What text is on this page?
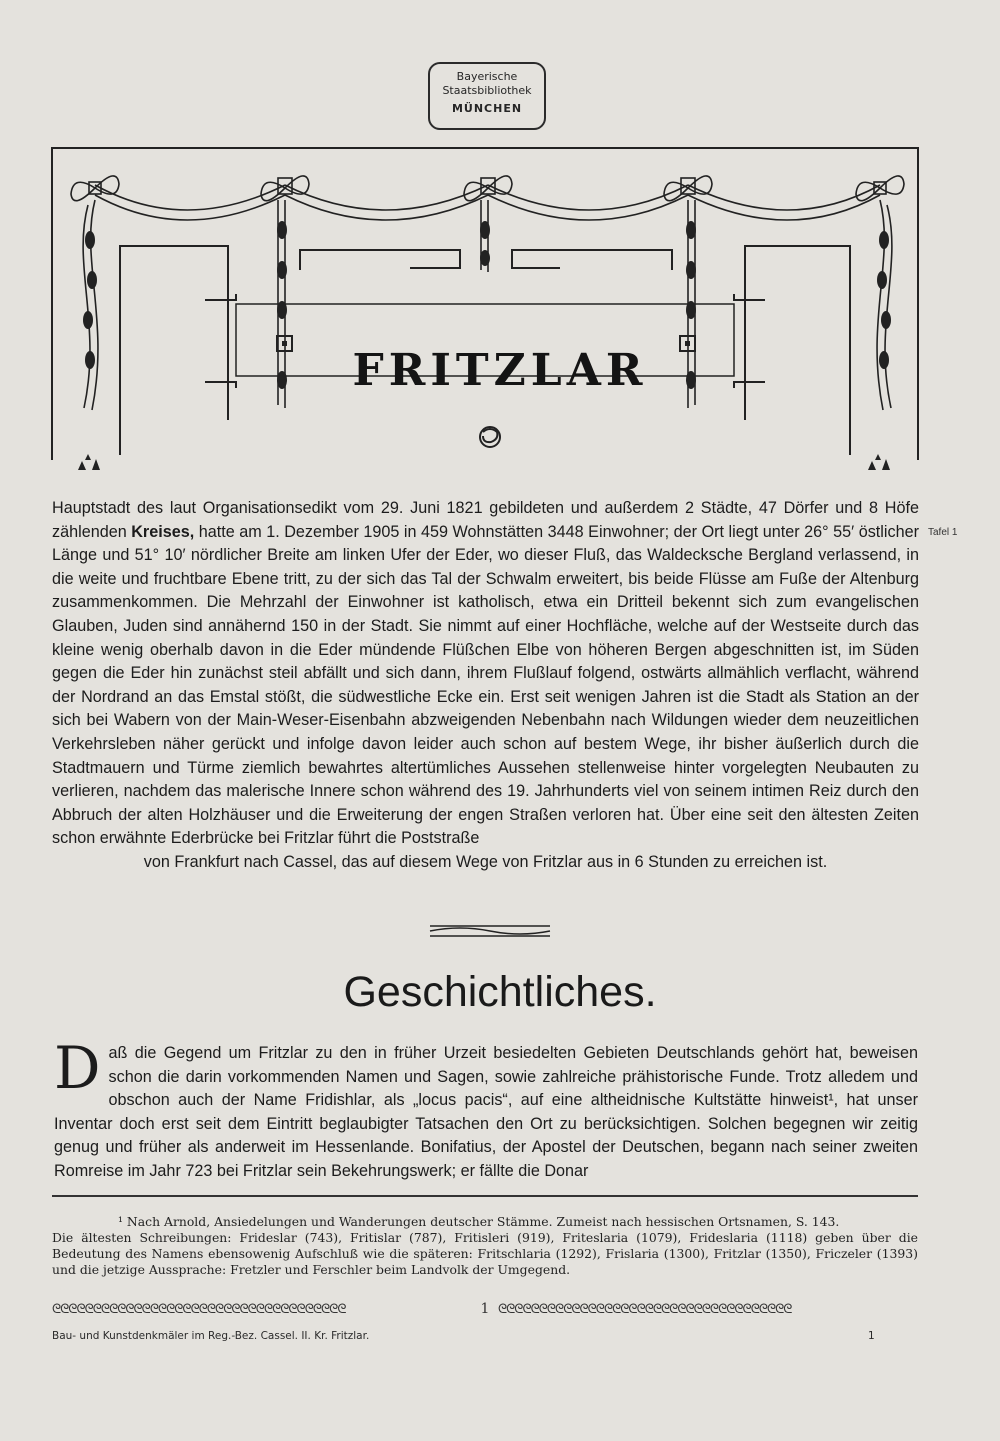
Bayerische
Staatsbibliothek
MÜNCHEN
FRITZLAR

Hauptstadt des laut Organisationsedikt vom 29. Juni 1821 gebildeten und außerdem 2 Städte, 47 Dörfer und 8 Höfe zählenden Kreises, hatte am 1. Dezember 1905 in 459 Wohnstätten 3448 Einwohner; der Ort liegt unter 26° 55′ östlicher Länge und 51° 10′ nördlicher Breite am linken Ufer der Eder, wo dieser Fluß, das Waldecksche Bergland verlassend, in die weite und fruchtbare Ebene tritt, zu der sich das Tal der Schwalm erweitert, bis beide Flüsse am Fuße der Altenburg zusammenkommen. Die Mehrzahl der Einwohner ist katholisch, etwa ein Dritteil bekennt sich zum evangelischen Glauben, Juden sind annähernd 150 in der Stadt. Sie nimmt auf einer Hochfläche, welche auf der Westseite durch das kleine wenig oberhalb davon in die Eder mündende Flüßchen Elbe von höheren Bergen abgeschnitten ist, im Süden gegen die Eder hin zunächst steil abfällt und sich dann, ihrem Flußlauf folgend, ostwärts allmählich verflacht, während der Nordrand an das Emstal stößt, die südwestliche Ecke ein. Erst seit wenigen Jahren ist die Stadt als Station an der sich bei Wabern von der Main-Weser-Eisenbahn abzweigenden Nebenbahn nach Wildungen wieder dem neuzeitlichen Verkehrsleben näher gerückt und infolge davon leider auch schon auf bestem Wege, ihr bisher äußerlich durch die Stadtmauern und Türme ziemlich bewahrtes altertümliches Aussehen stellenweise hinter vorgelegten Neubauten zu verlieren, nachdem das malerische Innere schon während des 19. Jahrhunderts viel von seinem intimen Reiz durch den Abbruch der alten Holzhäuser und die Erweiterung der engen Straßen verloren hat. Über eine seit den ältesten Zeiten schon erwähnte Ederbrücke bei Fritzlar führt die Poststraße
von Frankfurt nach Cassel, das auf diesem Wege von Fritzlar aus in 6 Stunden zu erreichen ist.

Tafel 1
Geschichtliches.

Daß die Gegend um Fritzlar zu den in früher Urzeit besiedelten Gebieten Deutschlands gehört hat, beweisen schon die darin vorkommenden Namen und Sagen, sowie zahlreiche prähistorische Funde. Trotz alledem und obschon auch der Name Fridishlar, als „locus pacis“, auf eine altheidnische Kultstätte hinweist¹, hat unser Inventar doch erst seit dem Eintritt beglaubigter Tatsachen den Ort zu berücksichtigen. Solchen begegnen wir zeitig genug und früher als anderweit im Hessenlande. Bonifatius, der Apostel der Deutschen, begann nach seiner zweiten Romreise im Jahr 723 bei Fritzlar sein Bekehrungswerk; er fällte die Donar

¹ Nach Arnold, Ansiedelungen und Wanderungen deutscher Stämme. Zumeist nach hessischen Ortsnamen, S. 143.
Die ältesten Schreibungen: Frideslar (743), Fritislar (787), Fritisleri (919), Friteslaria (1079), Frideslaria (1118) geben über die Bedeutung des Namens ebensowenig Aufschluß wie die späteren: Fritschlaria (1292), Frislaria (1300), Fritzlar (1350), Friczeler (1393) und die jetzige Aussprache: Fretzler und Ferschler beim Landvolk der Umgegend.

ᘓᘓᘓᘓᘓᘓᘓᘓᘓᘓᘓᘓᘓᘓᘓᘓᘓᘓᘓᘓᘓᘓᘓᘓᘓᘓᘓᘓᘓᘓᘓᘓᘓᘓᘓᘓ	1 ᘓᘓᘓᘓᘓᘓᘓᘓᘓᘓᘓᘓᘓᘓᘓᘓᘓᘓᘓᘓᘓᘓᘓᘓᘓᘓᘓᘓᘓᘓᘓᘓᘓᘓᘓᘓ
Bau- und Kunstdenkmäler im Reg.-Bez. Cassel. II. Kr. Fritzlar.	1
